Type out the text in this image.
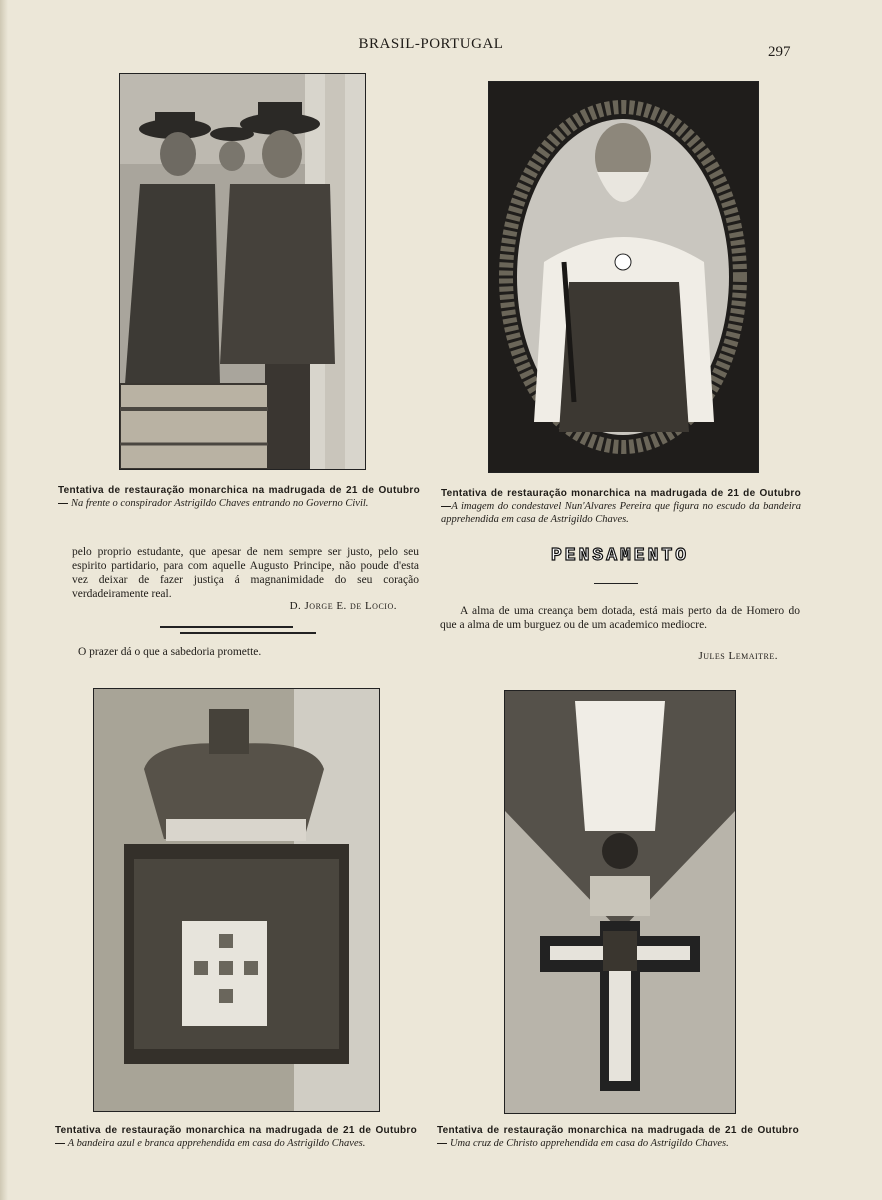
BRASIL-PORTUGAL	297
Tentativa de restauração monarchica na madrugada de 21 de Outubro — Na frente o conspirador Astrigildo Chaves entrando no Governo Civil.
Tentativa de restauração monarchica na madrugada de 21 de Outubro —A imagem do condestavel Nun'Alvares Pereira que figura no escudo da bandeira apprehendida em casa de Astrigildo Chaves.
pelo proprio estudante, que apesar de nem sempre ser justo, pelo seu espirito partidario, para com aquelle Augusto Principe, não poude d'esta vez deixar de fazer justiça á magnanimidade do seu coração verdadeiramente real.
D. Jorge E. de Locio.
O prazer dá o que a sabedoria promette.
PENSAMENTO
A alma de uma creança bem dotada, está mais perto da de Homero do que a alma de um burguez ou de um academico mediocre.
Jules Lemaitre.
Tentativa de restauração monarchica na madrugada de 21 de Outubro — A bandeira azul e branca apprehendida em casa do Astrigildo Chaves.
Tentativa de restauração monarchica na madrugada de 21 de Outubro — Uma cruz de Christo apprehendida em casa do Astrigildo Chaves.
